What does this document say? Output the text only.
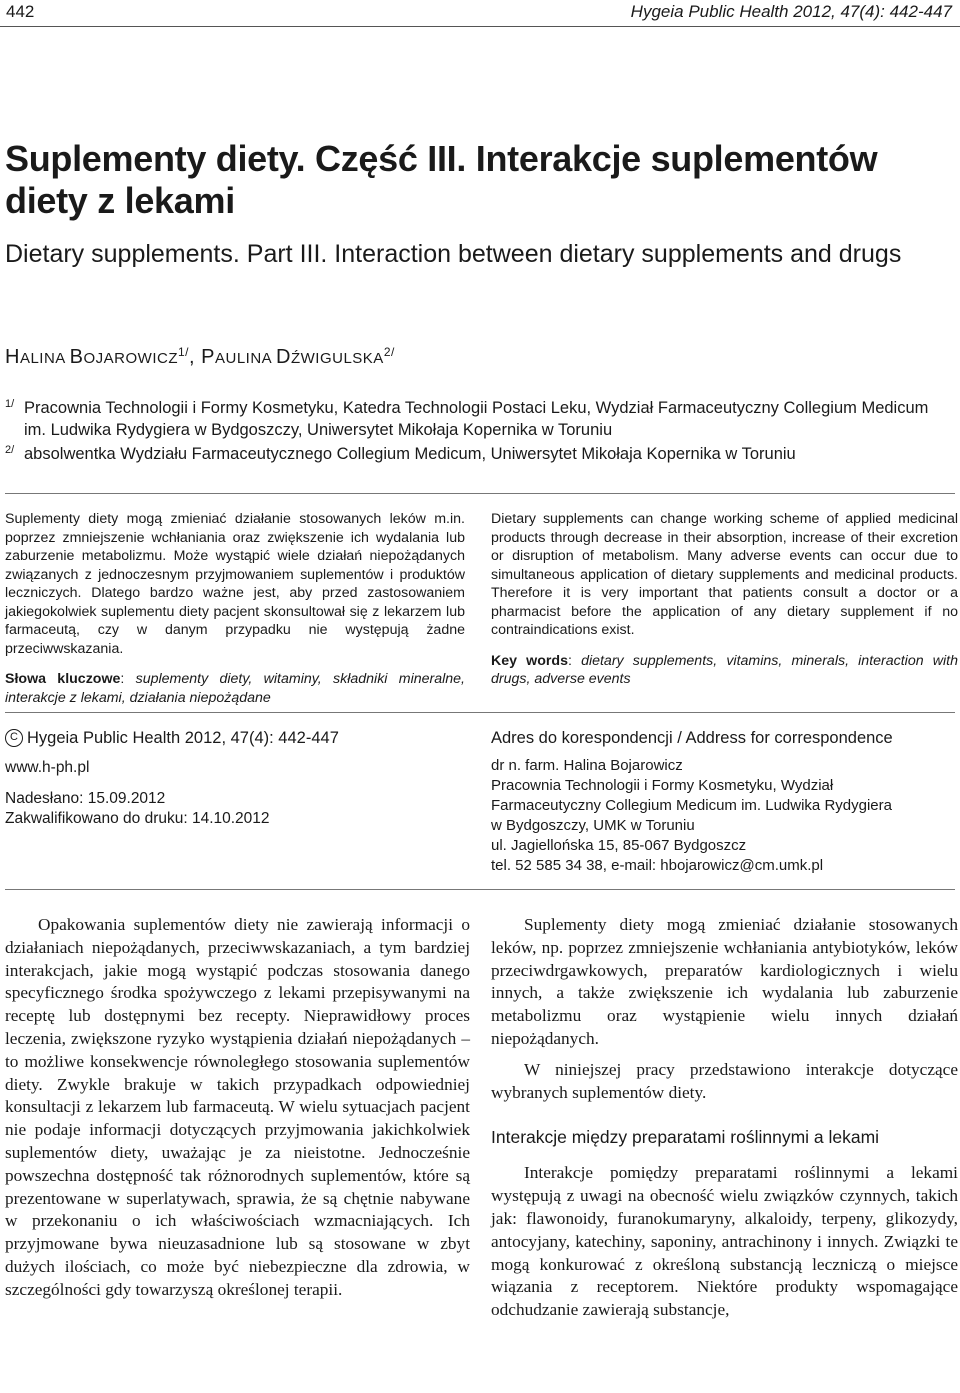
442	Hygeia Public Health 2012, 47(4): 442-447
Suplementy diety. Część III. Interakcje suplementów diety z lekami
Dietary supplements. Part III. Interaction between dietary supplements and drugs
HALINA $BOJAROWICZ^{1/}$, PAULINA $DŹWIGULSKA^{2/}$
1/ Pracownia Technologii i Formy Kosmetyku, Katedra Technologii Postaci Leku, Wydział Farmaceutyczny Collegium Medicum im. Ludwika Rydygiera w Bydgoszczy, Uniwersytet Mikołaja Kopernika w Toruniu
2/ absolwentka Wydziału Farmaceutycznego Collegium Medicum, Uniwersytet Mikołaja Kopernika w Toruniu

Suplementy diety mogą zmieniać działanie stosowanych leków m.in. poprzez zmniejszenie wchłaniania oraz zwiększenie ich wydalania lub zaburzenie metabolizmu. Może wystąpić wiele działań niepożądanych związanych z jednoczesnym przyjmowaniem suplementów i produktów leczniczych. Dlatego bardzo ważne jest, aby przed zastosowaniem jakiegokolwiek suplementu diety pacjent skonsultował się z lekarzem lub farmaceutą, czy w danym przypadku nie występują żadne przeciwwskazania.

Słowa kluczowe: suplementy diety, witaminy, składniki mineralne, interakcje z lekami, działania niepożądane

Dietary supplements can change working scheme of applied medicinal products through decrease in their absorption, increase of their excretion or disruption of metabolism. Many adverse events can occur due to simultaneous application of dietary supplements and medicinal products. Therefore it is very important that patients consult a doctor or a pharmacist before the application of any dietary supplement if no contraindications exist.

Key words: dietary supplements, vitamins, minerals, interaction with drugs, adverse events

C Hygeia Public Health 2012, 47(4): 442-447
www.h-ph.pl
Nadesłano: 15.09.2012
Zakwalifikowano do druku: 14.10.2012
Adres do korespondencji / Address for correspondence
dr n. farm. Halina Bojarowicz
Pracownia Technologii i Formy Kosmetyku, Wydział
Farmaceutyczny Collegium Medicum im. Ludwika Rydygiera
w Bydgoszczy, UMK w Toruniu
ul. Jagiellońska 15, 85-067 Bydgoszcz
tel. 52 585 34 38, e-mail: hbojarowicz@cm.umk.pl

Opakowania suplementów diety nie zawierają informacji o działaniach niepożądanych, przeciwwskazaniach, a tym bardziej interakcjach, jakie mogą wystąpić podczas stosowania danego specyficznego środka spożywczego z lekami przepisywanymi na receptę lub dostępnymi bez recepty. Nieprawidłowy proces leczenia, zwiększone ryzyko wystąpienia działań niepożądanych – to możliwe konsekwencje równoległego stosowania suplementów diety. Zwykle brakuje w takich przypadkach odpowiedniej konsultacji z lekarzem lub farmaceutą. W wielu sytuacjach pacjent nie podaje informacji dotyczących przyjmowania jakichkolwiek suplementów diety, uważając je za nieistotne. Jednocześnie powszechna dostępność tak różnorodnych suplementów, które są prezentowane w superlatywach, sprawia, że są chętnie nabywane w przekonaniu o ich właściwościach wzmacniających. Ich przyjmowane bywa nieuzasadnione lub są stosowane w zbyt dużych ilościach, co może być niebezpieczne dla zdrowia, w szczególności gdy towarzyszą określonej terapii.

Suplementy diety mogą zmieniać działanie stosowanych leków, np. poprzez zmniejszenie wchłaniania antybiotyków, leków przeciwdrgawkowych, preparatów kardiologicznych i wielu innych, a także zwiększenie ich wydalania lub zaburzenie metabolizmu oraz wystąpienie wielu innych działań niepożądanych.

W niniejszej pracy przedstawiono interakcje dotyczące wybranych suplementów diety.

Interakcje między preparatami roślinnymi a lekami

Interakcje pomiędzy preparatami roślinnymi a lekami występują z uwagi na obecność wielu związków czynnych, takich jak: flawonoidy, furanokumaryny, alkaloidy, terpeny, glikozydy, antocyjany, katechiny, saponiny, antrachinony i innych. Związki te mogą konkurować z określoną substancją leczniczą o miejsce wiązania z receptorem. Niektóre produkty wspomagające odchudzanie zawierają substancje,
